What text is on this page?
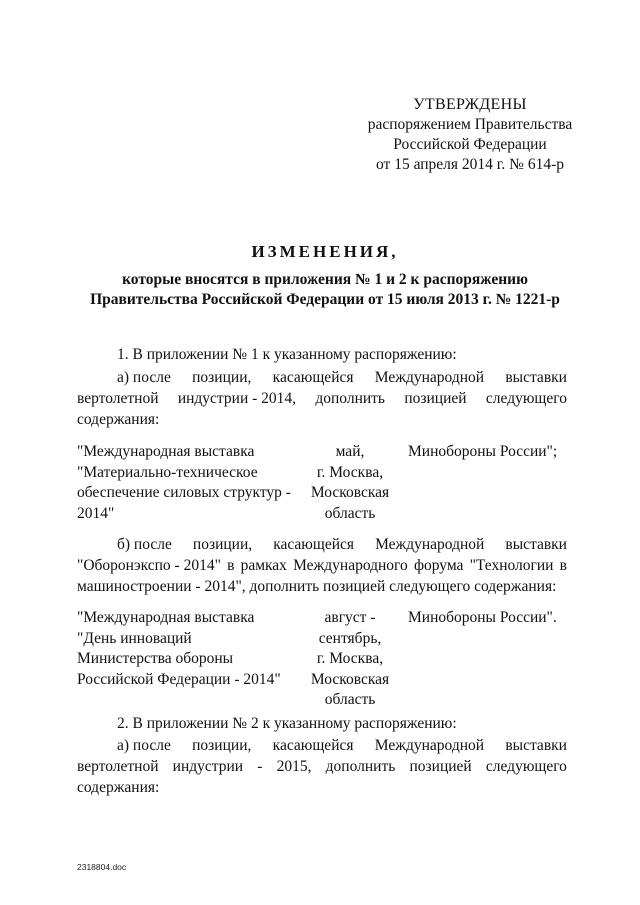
УТВЕРЖДЕНЫ
распоряжением Правительства
Российской Федерации
от 15 апреля 2014 г. № 614-р
ИЗМЕНЕНИЯ,
которые вносятся в приложения № 1 и 2 к распоряжению
Правительства Российской Федерации от 15 июля 2013 г. № 1221-р
1. В приложении № 1 к указанному распоряжению:
а) после позиции, касающейся Международной выставки
вертолетной индустрии - 2014, дополнить позицией следующего
содержания:
"Международная выставка
"Материально-техническое
обеспечение силовых структур -
2014"
май,
г. Москва,
Московская
область
Минобороны России";
б) после позиции, касающейся Международной выставки
"Оборонэкспо - 2014" в рамках Международного форума "Технологии в
машиностроении - 2014", дополнить позицией следующего содержания:
"Международная выставка
"День инноваций
Министерства обороны
Российской Федерации - 2014"
август -
сентябрь,
г. Москва,
Московская
область
Минобороны России".
2. В приложении № 2 к указанному распоряжению:
а) после позиции, касающейся Международной выставки
вертолетной индустрии - 2015, дополнить позицией следующего
содержания:
2318804.doc
